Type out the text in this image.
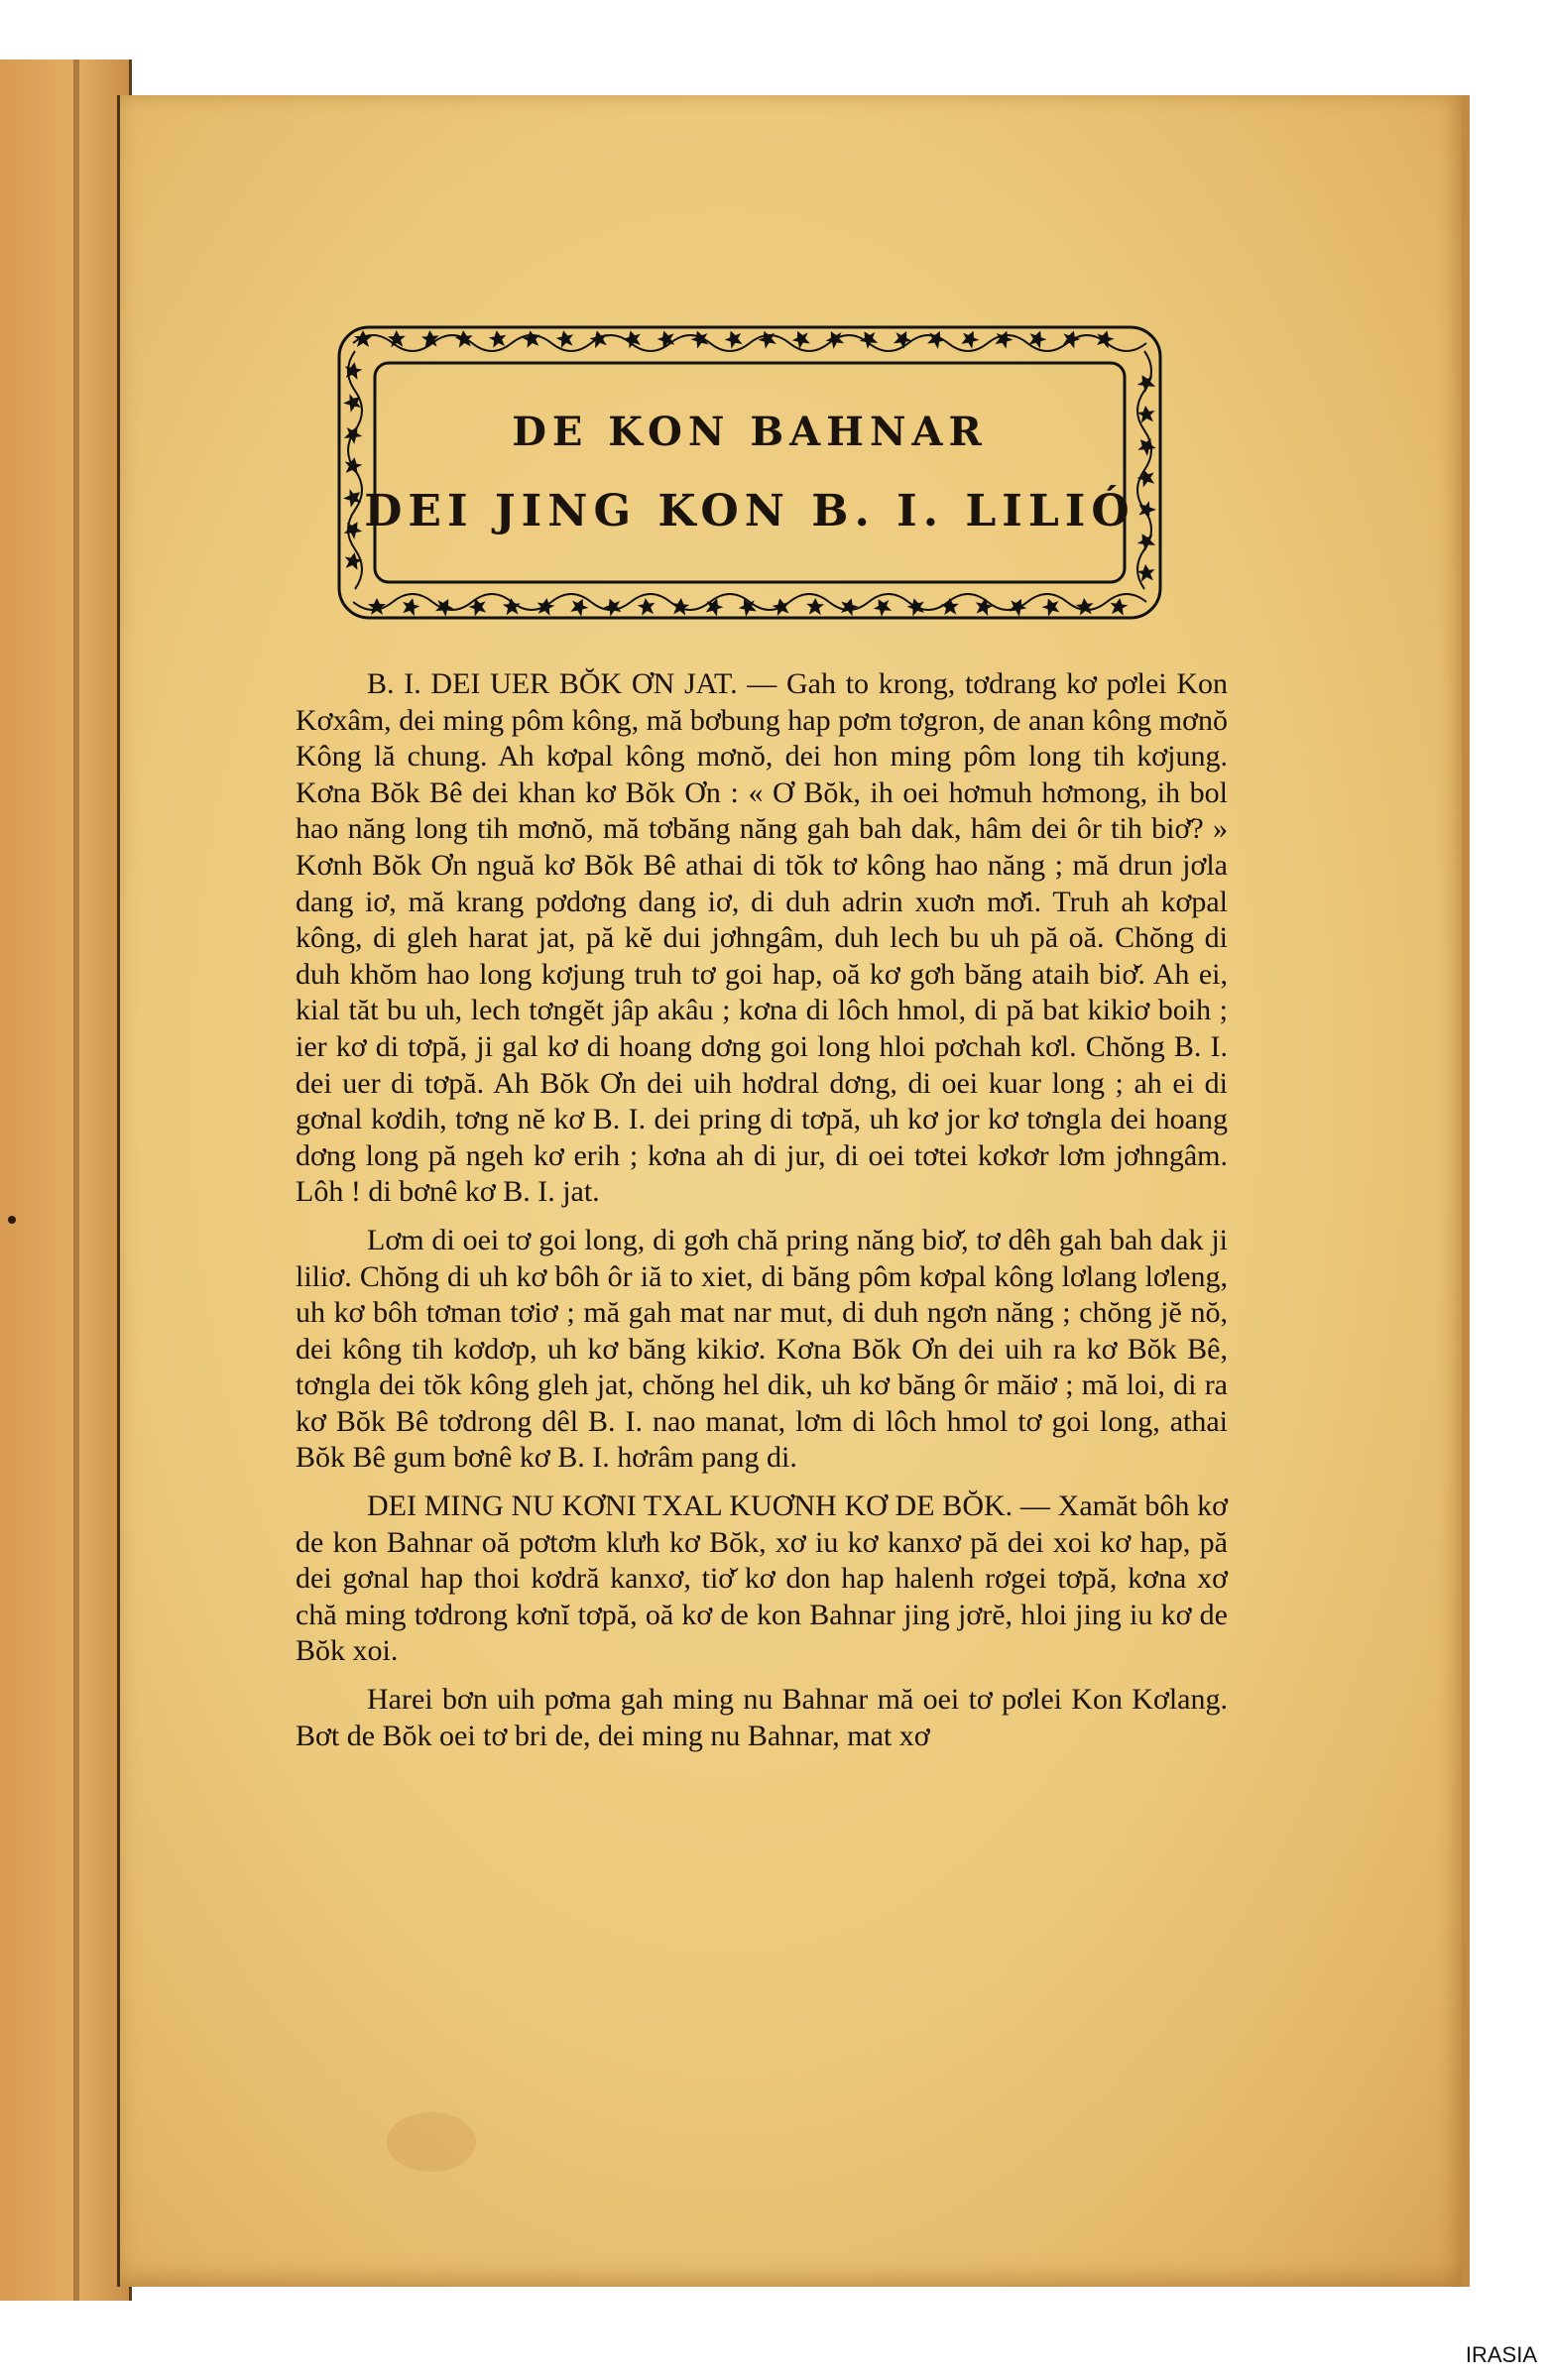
DE KON BAHNAR
DEI JING KON B. I. LILIÓ

B. I. DEI UER BŎK ƠN JAT. — Gah to krong, tơdrang kơ pơlei Kon Kơxâm, dei ming pôm kông, mă bơbung hap pơm tơgron, de anan kông mơnŏ Kông lă chung. Ah kơpal kông mơnŏ, dei hon ming pôm long tih kơjung. Kơna Bŏk Bê dei khan kơ Bŏk Ơn : « Ơ Bŏk, ih oei hơmuh hơmong, ih bol hao năng long tih mơnŏ, mă tơbăng năng gah bah dak, hâm dei ôr tih biơ̆? » Kơnh Bŏk Ơn nguă kơ Bŏk Bê athai di tŏk tơ kông hao năng ; mă drun jơla dang iơ, mă krang pơdơng dang iơ, di duh adrin xuơn mơ̆i. Truh ah kơpal kông, di gleh harat jat, pă kĕ dui jơhngâm, duh lech bu uh pă oă. Chŏng di duh khŏm hao long kơjung truh tơ goi hap, oă kơ gơh băng ataih biơ̆. Ah ei, kial tăt bu uh, lech tơngĕt jâp akâu ; kơna di lôch hmol, di pă bat kikiơ boih ; ier kơ di tơpă, ji gal kơ di hoang dơng goi long hloi pơchah kơl. Chŏng B. I. dei uer di tơpă. Ah Bŏk Ơn dei uih hơdral dơng, di oei kuar long ; ah ei di gơnal kơdih, tơng nĕ kơ B. I. dei pring di tơpă, uh kơ jor kơ tơngla dei hoang dơng long pă ngeh kơ erih ; kơna ah di jur, di oei tơtei kơkơr lơm jơhngâm. Lôh ! di bơnê kơ B. I. jat.

Lơm di oei tơ goi long, di gơh chă pring năng biơ̆, tơ dêh gah bah dak ji liliơ. Chŏng di uh kơ bôh ôr iă to xiet, di băng pôm kơpal kông lơlang lơleng, uh kơ bôh tơman tơiơ ; mă gah mat nar mut, di duh ngơn năng ; chŏng jĕ nŏ, dei kông tih kơdơp, uh kơ băng kikiơ. Kơna Bŏk Ơn dei uih ra kơ Bŏk Bê, tơngla dei tŏk kông gleh jat, chŏng hel dik, uh kơ băng ôr măiơ ; mă loi, di ra kơ Bŏk Bê tơdrong dêl B. I. nao manat, lơm di lôch hmol tơ goi long, athai Bŏk Bê gum bơnê kơ B. I. hơrâm pang di.

DEI MING NU KƠNI TXAL KUƠNH KƠ DE BŎK. — Xamăt bôh kơ de kon Bahnar oă pơtơm klưh kơ Bŏk, xơ iu kơ kanxơ pă dei xoi kơ hap, pă dei gơnal hap thoi kơdră kanxơ, tiơ̆ kơ don hap halenh rơgei tơpă, kơna xơ chă ming tơdrong kơnĭ tơpă, oă kơ de kon Bahnar jing jơrĕ, hloi jing iu kơ de Bŏk xoi.

Harei bơn uih pơma gah ming nu Bahnar mă oei tơ pơlei Kon Kơlang. Bơt de Bŏk oei tơ bri de, dei ming nu Bahnar, mat xơ

IRASIA
